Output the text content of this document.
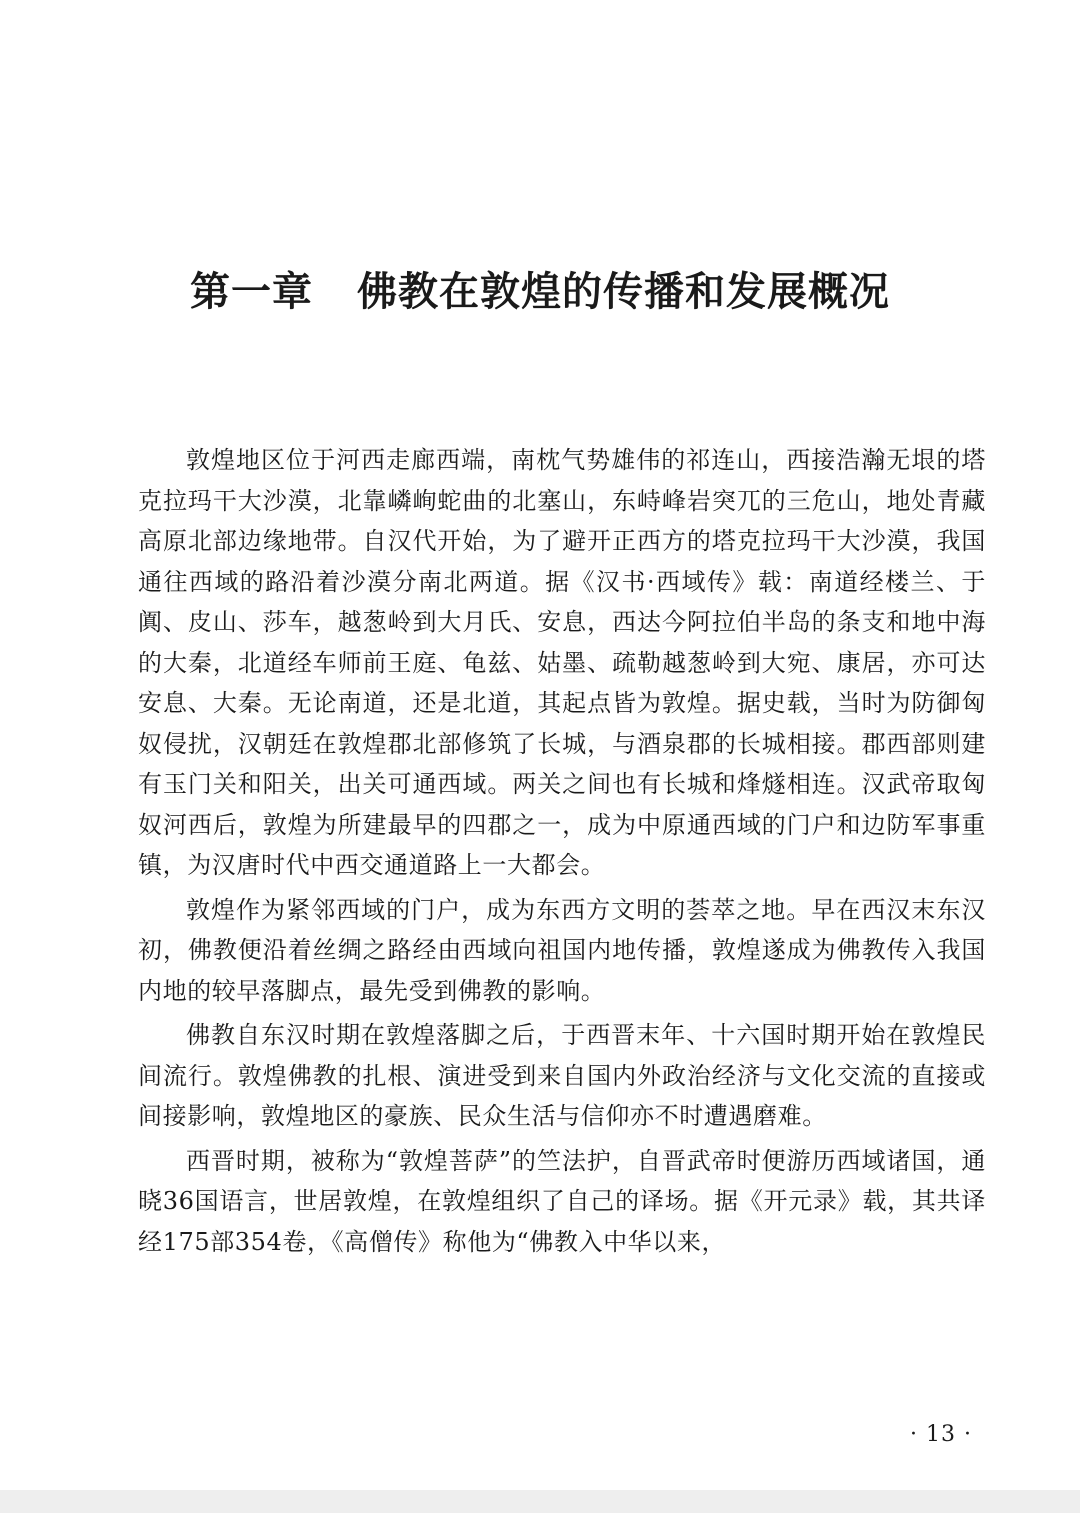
第一章 佛教在敦煌的传播和发展概况

敦煌地区位于河西走廊西端，南枕气势雄伟的祁连山，西接浩瀚无垠的塔克拉玛干大沙漠，北靠嶙峋蛇曲的北塞山，东峙峰岩突兀的三危山，地处青藏高原北部边缘地带。自汉代开始，为了避开正西方的塔克拉玛干大沙漠，我国通往西域的路沿着沙漠分南北两道。据《汉书·西域传》载：南道经楼兰、于阗、皮山、莎车，越葱岭到大月氏、安息，西达今阿拉伯半岛的条支和地中海的大秦，北道经车师前王庭、龟兹、姑墨、疏勒越葱岭到大宛、康居，亦可达安息、大秦。无论南道，还是北道，其起点皆为敦煌。据史载，当时为防御匈奴侵扰，汉朝廷在敦煌郡北部修筑了长城，与酒泉郡的长城相接。郡西部则建有玉门关和阳关，出关可通西域。两关之间也有长城和烽燧相连。汉武帝取匈奴河西后，敦煌为所建最早的四郡之一，成为中原通西域的门户和边防军事重镇，为汉唐时代中西交通道路上一大都会。

敦煌作为紧邻西域的门户，成为东西方文明的荟萃之地。早在西汉末东汉初，佛教便沿着丝绸之路经由西域向祖国内地传播，敦煌遂成为佛教传入我国内地的较早落脚点，最先受到佛教的影响。

佛教自东汉时期在敦煌落脚之后，于西晋末年、十六国时期开始在敦煌民间流行。敦煌佛教的扎根、演进受到来自国内外政治经济与文化交流的直接或间接影响，敦煌地区的豪族、民众生活与信仰亦不时遭遇磨难。

西晋时期，被称为“敦煌菩萨”的竺法护，自晋武帝时便游历西域诸国，通晓36国语言，世居敦煌，在敦煌组织了自己的译场。据《开元录》载，其共译经175部354卷，《高僧传》称他为“佛教入中华以来，

· 13 ·
